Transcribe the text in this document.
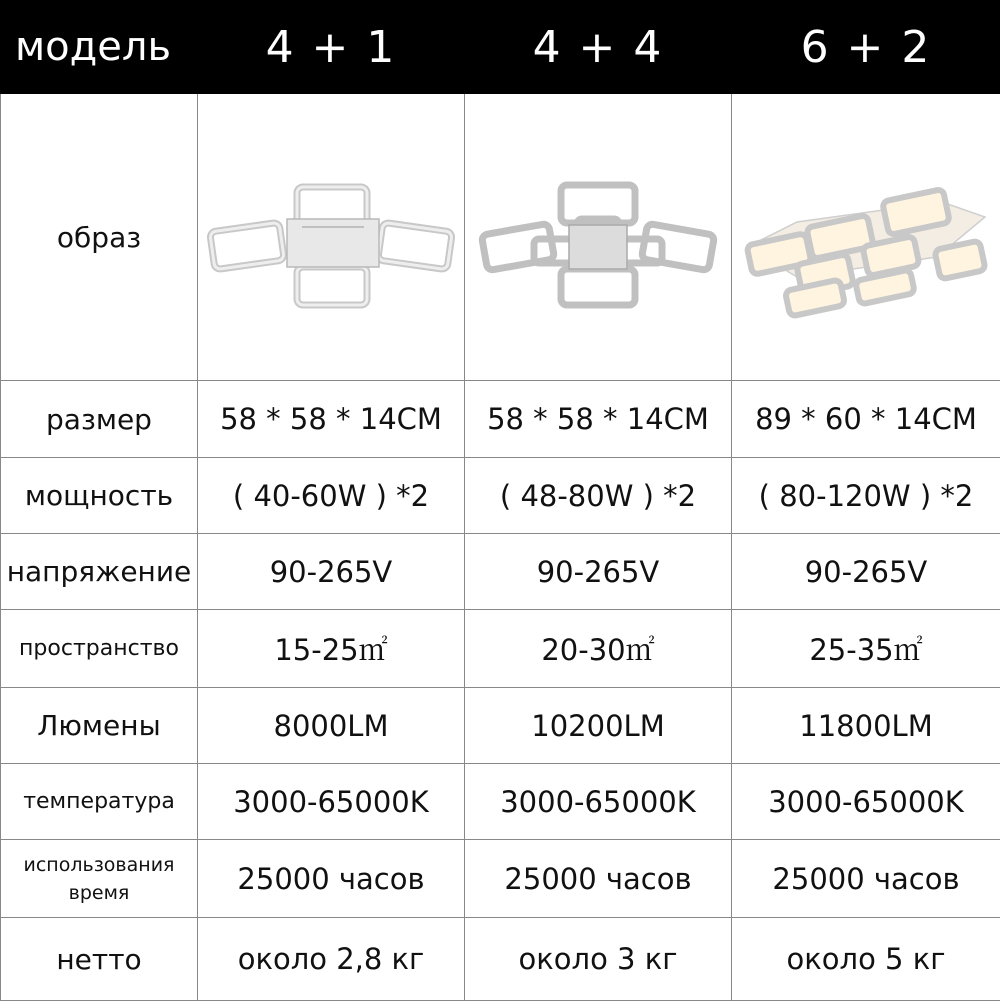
модель	4 + 1	4 + 4	6 + 2
образ	

размер	58 * 58 * 14CM	58 * 58 * 14CM	89 * 60 * 14CM
мощность	( 40-60W ) *2	( 48-80W ) *2	( 80-120W ) *2
напряжение	90-265V	90-265V	90-265V
пространство	15-25㎡	20-30㎡	25-35㎡
Люмены	8000LM	10200LM	11800LM
температура	3000-65000K	3000-65000K	3000-65000K
использования время	25000 часов	25000 часов	25000 часов
нетто	около 2,8 кг	около 3 кг	около 5 кг
